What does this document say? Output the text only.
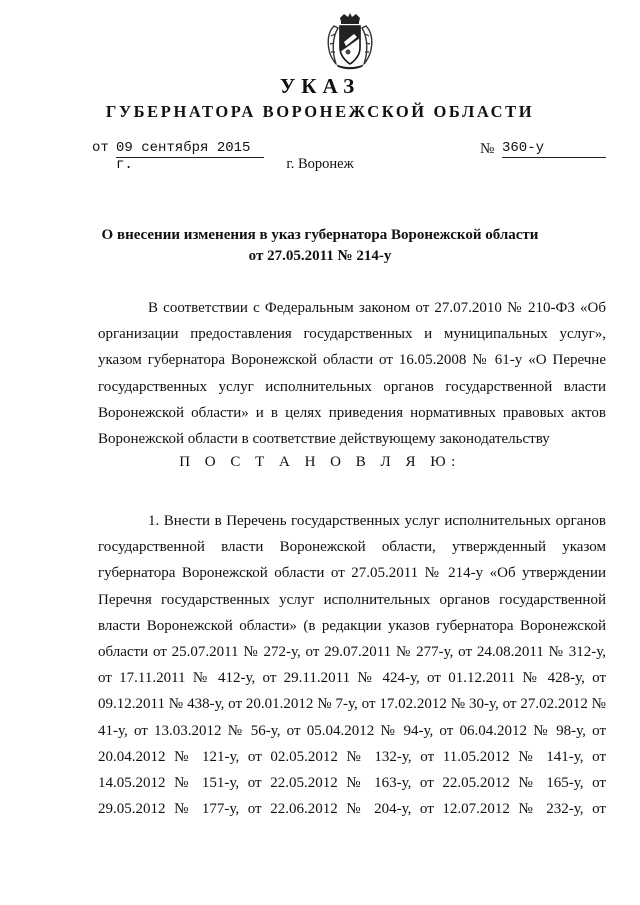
УКАЗ
ГУБЕРНАТОРА ВОРОНЕЖСКОЙ ОБЛАСТИ
от 09 сентября 2015 г.
№ 360-у
г. Воронеж
О внесении изменения в указ губернатора Воронежской области
от 27.05.2011 № 214-у

В соответствии с Федеральным законом от 27.07.2010 № 210-ФЗ «Об организации предоставления государственных и муниципальных услуг», указом губернатора Воронежской области от 16.05.2008 № 61-у «О Перечне государственных услуг исполнительных органов государственной власти Воронежской области» и в целях приведения нормативных правовых актов Воронежской области в соответствие действующему законодательству

П О С Т А Н О В Л Я Ю:

1. Внести в Перечень государственных услуг исполнительных органов государственной власти Воронежской области, утвержденный указом губернатора Воронежской области от 27.05.2011 № 214-у «Об утверждении Перечня государственных услуг исполнительных органов государственной власти Воронежской области» (в редакции указов губернатора Воронежской области от 25.07.2011 № 272-у, от 29.07.2011 № 277-у, от 24.08.2011 № 312-у, от 17.11.2011 № 412-у, от 29.11.2011 № 424-у, от 01.12.2011 № 428-у, от 09.12.2011 № 438-у, от 20.01.2012 № 7-у, от 17.02.2012 № 30-у, от 27.02.2012 № 41-у, от 13.03.2012 № 56-у, от 05.04.2012 № 94-у, от 06.04.2012 № 98-у, от 20.04.2012 № 121-у, от 02.05.2012 № 132-у, от 11.05.2012 № 141-у, от 14.05.2012 № 151-у, от 22.05.2012 № 163-у, от 22.05.2012 № 165-у, от 29.05.2012 № 177-у, от 22.06.2012 № 204-у, от 12.07.2012 № 232-у, от
